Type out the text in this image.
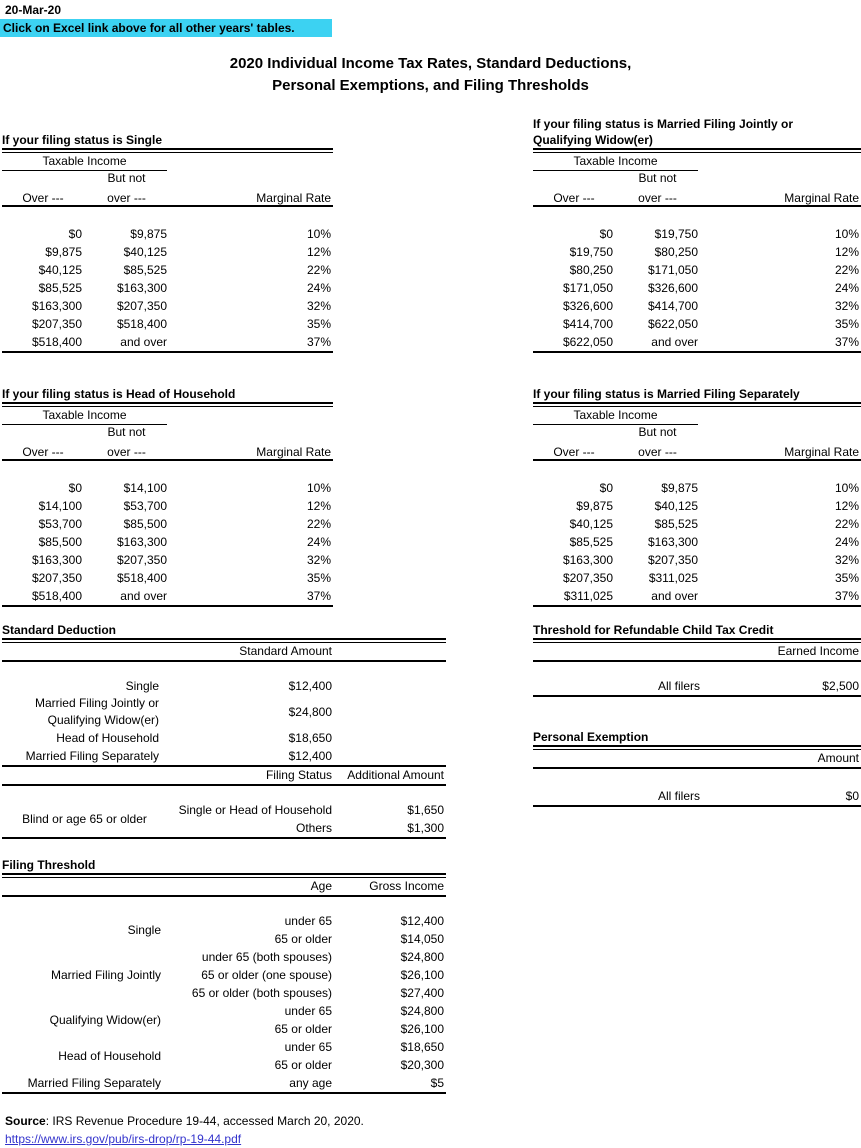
20-Mar-20
Click on Excel link above for all other years' tables.
2020 Individual Income Tax Rates, Standard Deductions,
Personal Exemptions, and Filing Thresholds
If your filing status is Single
Taxable Income
But not
Over ---	over ---	Marginal Rate
$0	$9,875	10%
$9,875	$40,125	12%
$40,125	$85,525	22%
$85,525	$163,300	24%
$163,300	$207,350	32%
$207,350	$518,400	35%
$518,400	and over	37%
If your filing status is Married Filing Jointly or
Qualifying Widow(er)
Taxable Income
But not
Over ---	over ---	Marginal Rate
$0	$19,750	10%
$19,750	$80,250	12%
$80,250	$171,050	22%
$171,050	$326,600	24%
$326,600	$414,700	32%
$414,700	$622,050	35%
$622,050	and over	37%
If your filing status is Head of Household
Taxable Income
But not
Over ---	over ---	Marginal Rate
$0	$14,100	10%
$14,100	$53,700	12%
$53,700	$85,500	22%
$85,500	$163,300	24%
$163,300	$207,350	32%
$207,350	$518,400	35%
$518,400	and over	37%
If your filing status is Married Filing Separately
Taxable Income
But not
Over ---	over ---	Marginal Rate
$0	$9,875	10%
$9,875	$40,125	12%
$40,125	$85,525	22%
$85,525	$163,300	24%
$163,300	$207,350	32%
$207,350	$311,025	35%
$311,025	and over	37%
Standard Deduction
Standard Amount
Single	$12,400
Married Filing Jointly or
Qualifying Widow(er)
$24,800
Head of Household	$18,650
Married Filing Separately	$12,400
Filing Status	Additional Amount
Blind or age 65 or older
Single or Head of Household	$1,650
Others	$1,300
Threshold for Refundable Child Tax Credit
Earned Income
All filers	$2,500
Personal Exemption
Amount
All filers	$0
Filing Threshold
Age	Gross Income
Single
under 65	$12,400
65 or older	$14,050
Married Filing Jointly
under 65 (both spouses)	$24,800
65 or older (one spouse)	$26,100
65 or older (both spouses)	$27,400
Qualifying Widow(er)
under 65	$24,800
65 or older	$26,100
Head of Household
under 65	$18,650
65 or older	$20,300
Married Filing Separately	any age	$5
Source: IRS Revenue Procedure 19-44, accessed March 20, 2020.
https://www.irs.gov/pub/irs-drop/rp-19-44.pdf
